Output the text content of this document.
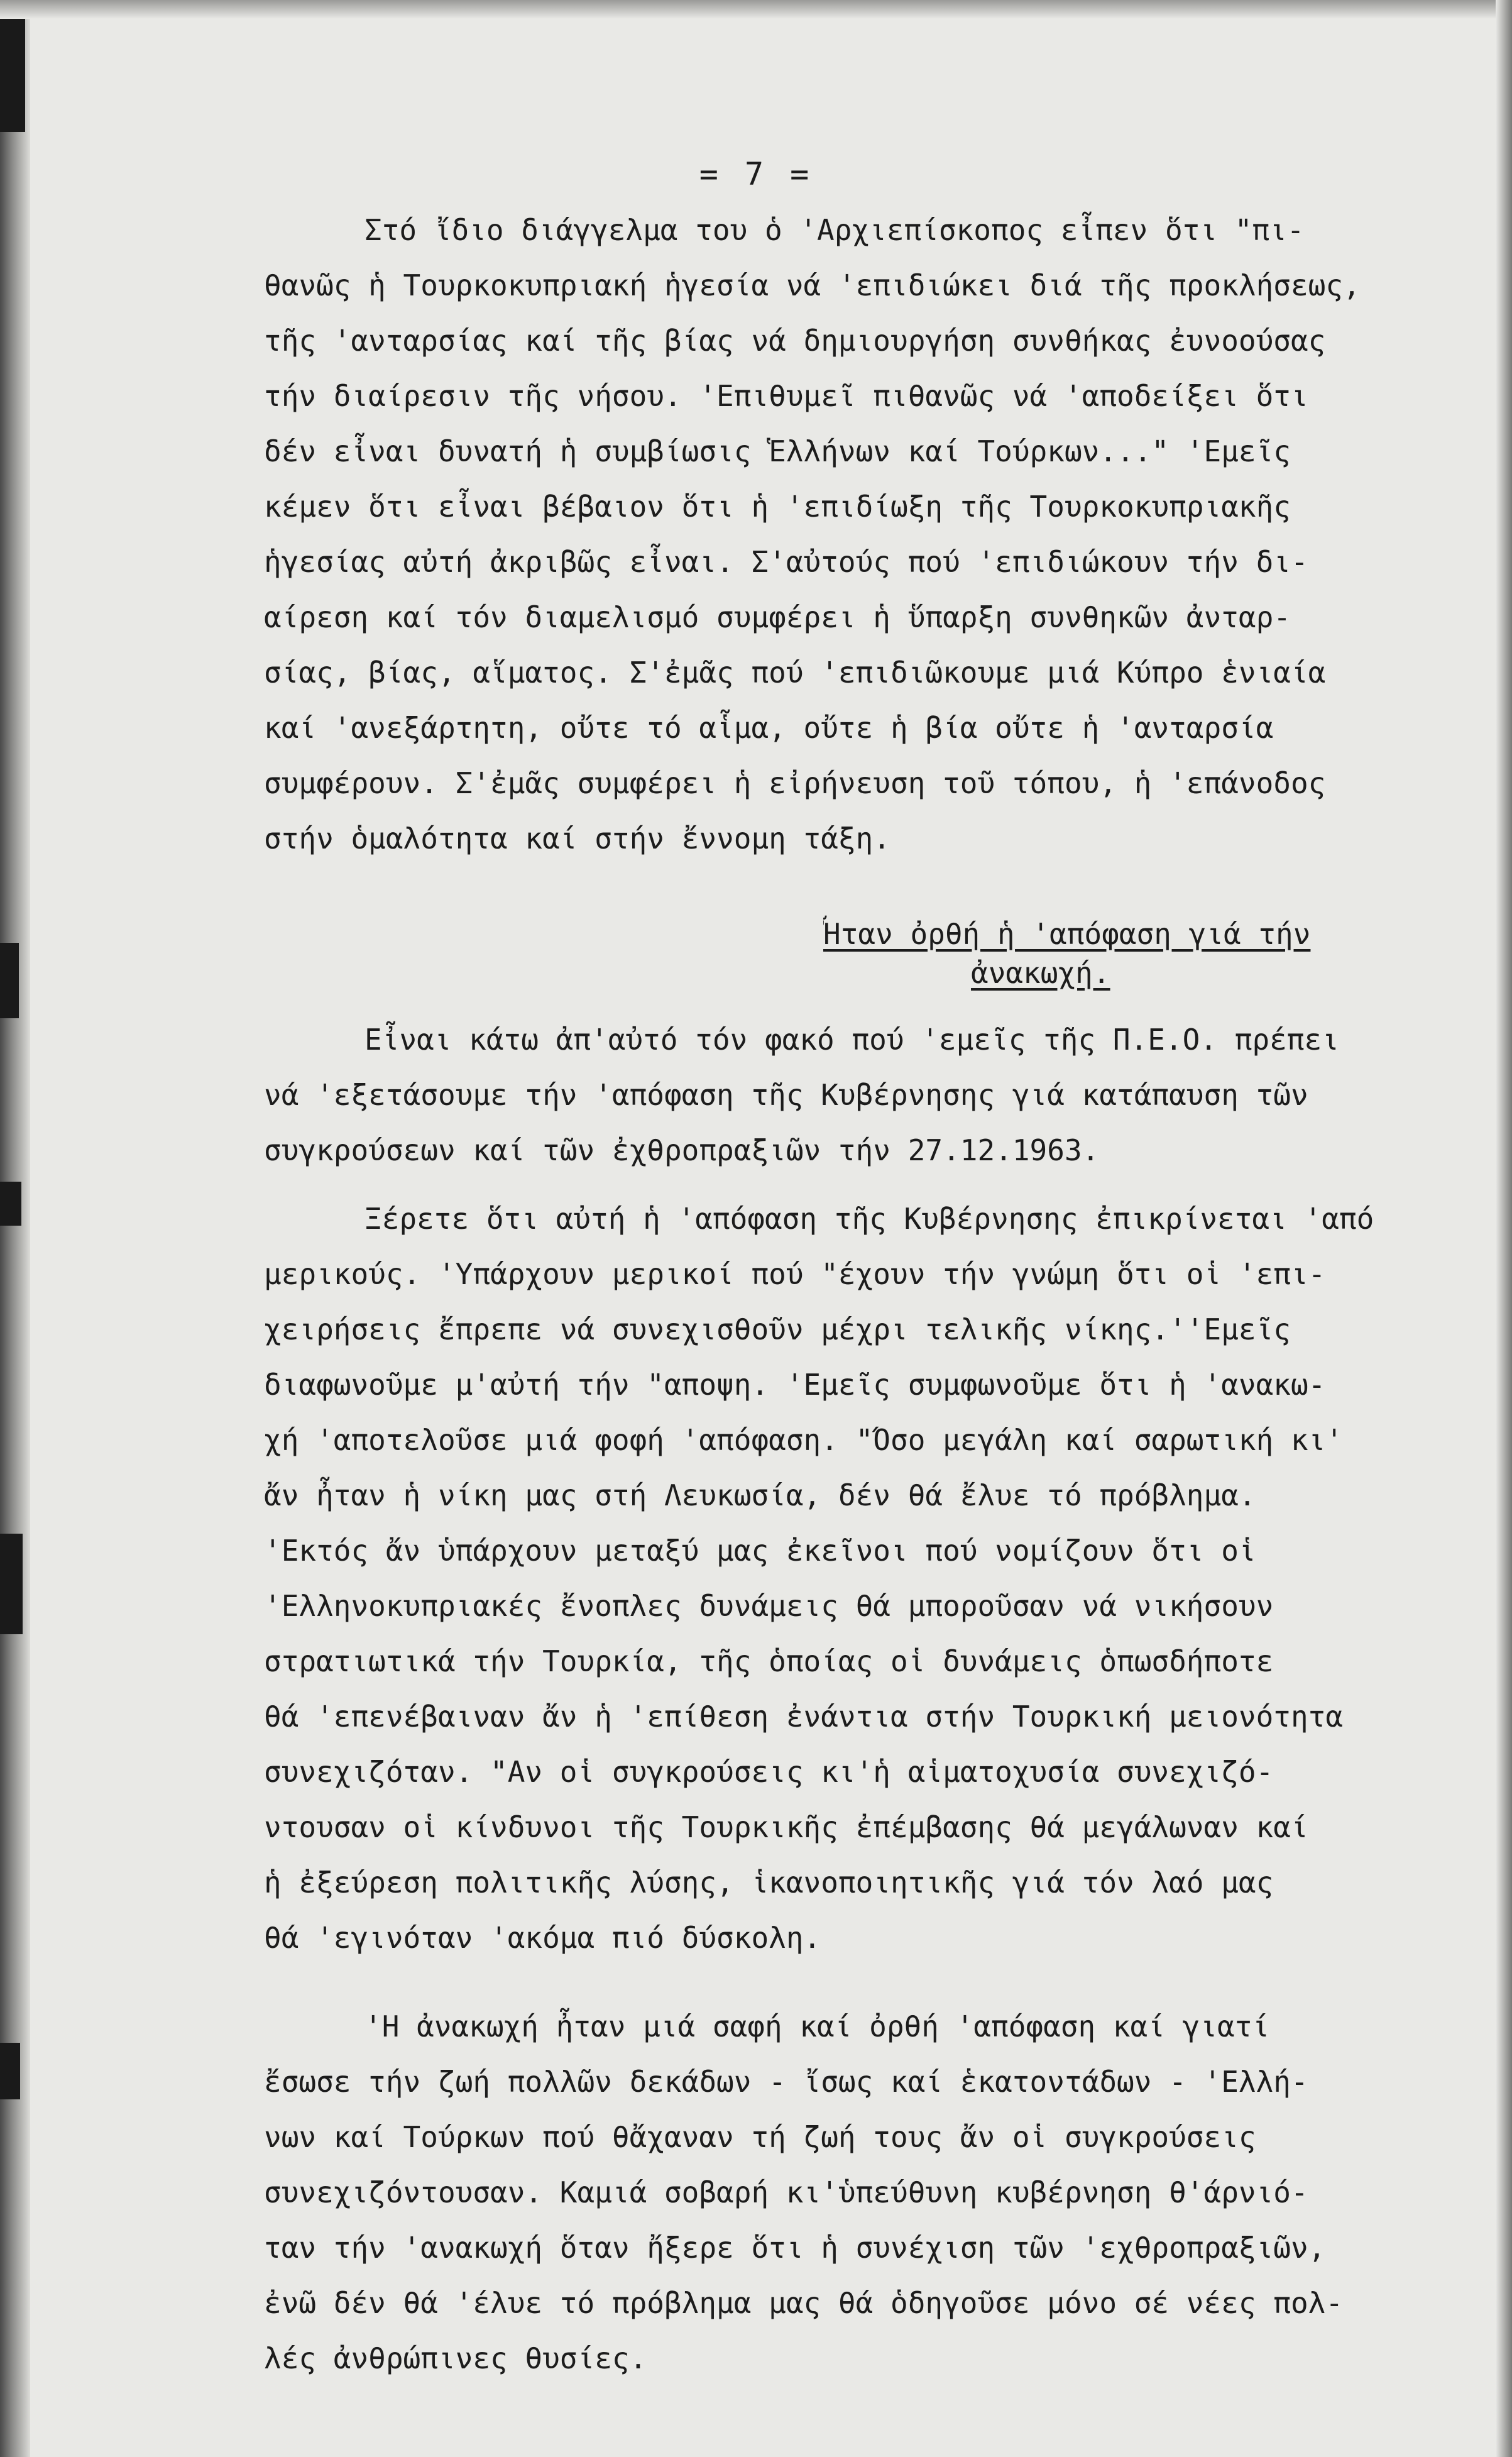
= 7 =
Στό ἴδιο διάγγελμα του ὁ 'Αρχιεπίσκοπος εἶπεν ὅτι "πι-
θανῶς ἡ Τουρκοκυπριακή ἡγεσία νά 'επιδιώκει διά τῆς προκλήσεως,
τῆς 'ανταρσίας καί τῆς βίας νά δημιουργήση συνθήκας ἐυνοούσας
τήν διαίρεσιν τῆς νήσου. 'Επιθυμεῖ πιθανῶς νά 'αποδείξει ὅτι
δέν εἶναι δυνατή ἡ συμβίωσις Ἑλλήνων καί Τούρκων..." 'Εμεῖς
κέμεν ὅτι εἶναι βέβαιον ὅτι ἡ 'επιδίωξη τῆς Τουρκοκυπριακῆς
ἡγεσίας αὐτή ἀκριβῶς εἶναι. Σ'αὐτούς πού 'επιδιώκουν τήν δι-
αίρεση καί τόν διαμελισμό συμφέρει ἡ ὕπαρξη συνθηκῶν ἀνταρ-
σίας, βίας, αἵματος. Σ'ἐμᾶς πού 'επιδιῶκουμε μιά Κύπρο ἑνιαία
καί 'ανεξάρτητη, οὔτε τό αἷμα, οὔτε ἡ βία οὔτε ἡ 'ανταρσία
συμφέρουν. Σ'ἐμᾶς συμφέρει ἡ εἰρήνευση τοῦ τόπου, ἡ 'επάνοδος
στήν ὁμαλότητα καί στήν ἔννομη τάξη.
Ἦταν ὀρθή ἡ 'απόφαση γιά τήν
ἀνακωχή.
Εἶναι κάτω ἀπ'αὐτό τόν φακό πού 'εμεῖς τῆς Π.Ε.Ο. πρέπει
νά 'εξετάσουμε τήν 'απόφαση τῆς Κυβέρνησης γιά κατάπαυση τῶν
συγκρούσεων καί τῶν ἐχθροπραξιῶν τήν 27.12.1963.
Ξέρετε ὅτι αὐτή ἡ 'απόφαση τῆς Κυβέρνησης ἐπικρίνεται 'από
μερικούς. 'Υπάρχουν μερικοί πού "έχουν τήν γνώμη ὅτι οἱ 'επι-
χειρήσεις ἔπρεπε νά συνεχισθοῦν μέχρι τελικῆς νίκης.''Εμεῖς
διαφωνοῦμε μ'αὐτή τήν "αποψη. 'Εμεῖς συμφωνοῦμε ὅτι ἡ 'ανακω-
χή 'αποτελοῦσε μιά φοφή 'απόφαση. "Όσο μεγάλη καί σαρωτική κι'
ἄν ἦταν ἡ νίκη μας στή Λευκωσία, δέν θά ἔλυε τό πρόβλημα.
'Εκτός ἄν ὑπάρχουν μεταξύ μας ἐκεῖνοι πού νομίζουν ὅτι οἱ
'Ελληνοκυπριακές ἔνοπλες δυνάμεις θά μποροῦσαν νά νικήσουν
στρατιωτικά τήν Τουρκία, τῆς ὁποίας οἱ δυνάμεις ὁπωσδήποτε
θά 'επενέβαιναν ἄν ἡ 'επίθεση ἐνάντια στήν Τουρκική μειονότητα
συνεχιζόταν. "Αν οἱ συγκρούσεις κι'ἡ αἱματοχυσία συνεχιζό-
ντουσαν οἱ κίνδυνοι τῆς Τουρκικῆς ἐπέμβασης θά μεγάλωναν καί
ἡ ἐξεύρεση πολιτικῆς λύσης, ἱκανοποιητικῆς γιά τόν λαό μας
θά 'εγινόταν 'ακόμα πιό δύσκολη.
'Η ἀνακωχή ἦταν μιά σαφή καί ὀρθή 'απόφαση καί γιατί
ἔσωσε τήν ζωή πολλῶν δεκάδων - ἴσως καί ἑκατοντάδων - 'Ελλή-
νων καί Τούρκων πού θἄχαναν τή ζωή τους ἄν οἱ συγκρούσεις
συνεχιζόντουσαν. Καμιά σοβαρή κι'ὑπεύθυνη κυβέρνηση θ'άρνιό-
ταν τήν 'ανακωχή ὅταν ἤξερε ὅτι ἡ συνέχιση τῶν 'εχθροπραξιῶν,
ἐνῶ δέν θά 'έλυε τό πρόβλημα μας θά ὁδηγοῦσε μόνο σέ νέες πολ-
λές ἀνθρώπινες θυσίες.
